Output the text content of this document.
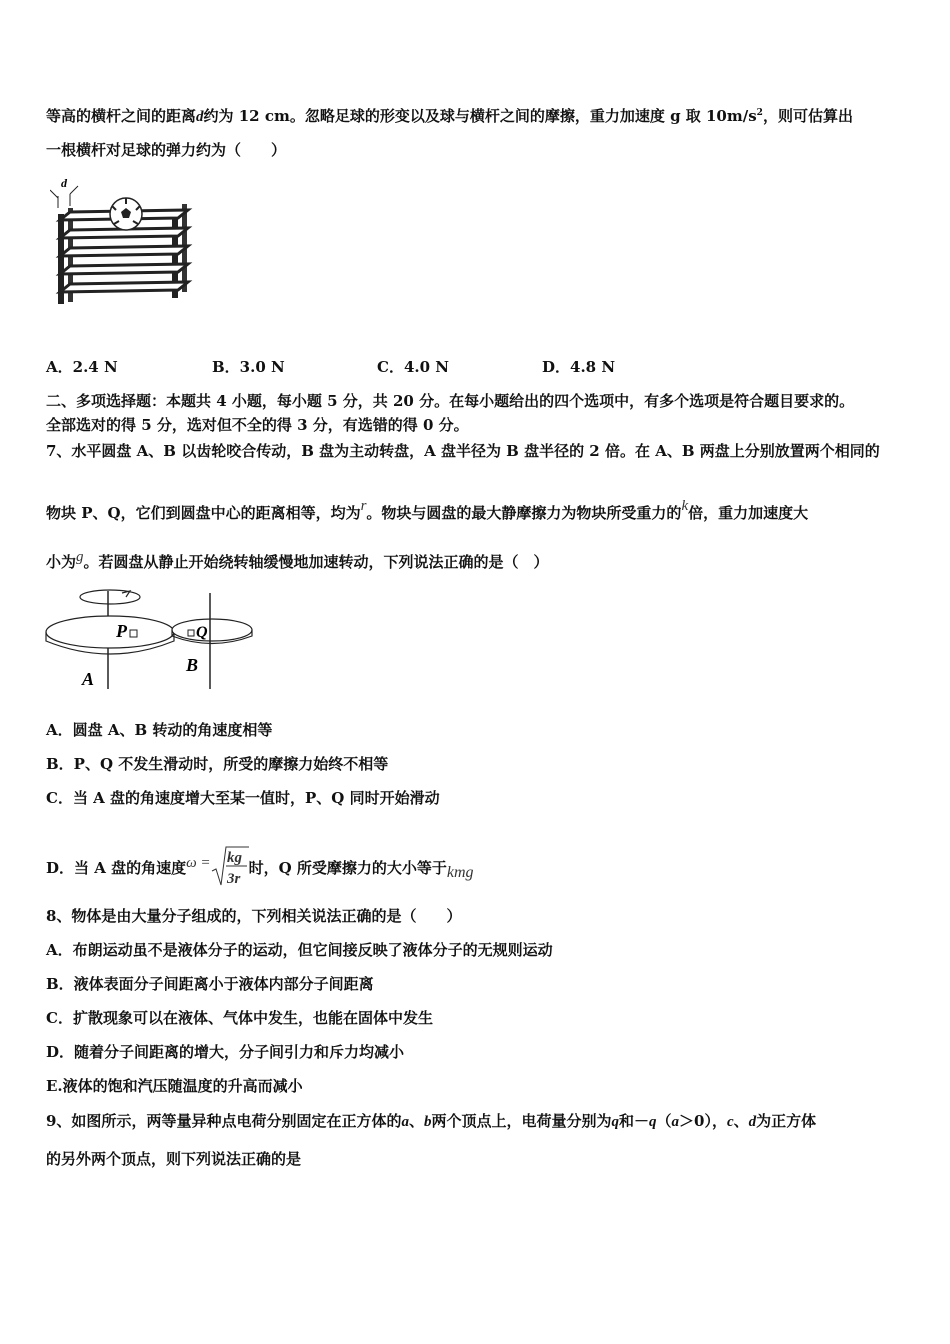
等高的横杆之间的距离d约为 12 cm。忽略足球的形变以及球与横杆之间的摩擦，重力加速度 g 取 $10m/s^2$，则可估算出
一根横杆对足球的弹力约为（　　）
d
A．2.4 N	B．3.0 N	C．4.0 N	D．4.8 N
二、多项选择题：本题共 4 小题，每小题 5 分，共 20 分。在每小题给出的四个选项中，有多个选项是符合题目要求的。
全部选对的得 5 分，选对但不全的得 3 分，有选错的得 0 分。
7、水平圆盘 A、B 以齿轮咬合传动，B 盘为主动转盘，A 盘半径为 B 盘半径的 2 倍。在 A、B 两盘上分别放置两个相同的
物块 P、Q，它们到圆盘中心的距离相等，均为r。物块与圆盘的最大静摩擦力为物块所受重力的k倍，重力加速度大
小为g。若圆盘从静止开始绕转轴缓慢地加速转动，下列说法正确的是（　）
P	Q
A
B
A．圆盘 A、B 转动的角速度相等
B．P、Q 不发生滑动时，所受的摩擦力始终不相等
C．当 A 盘的角速度增大至某一值时，P、Q 同时开始滑动
D．当 A 盘的角速度ω = kg
3r
时，Q 所受摩擦力的大小等于kmg
8、物体是由大量分子组成的，下列相关说法正确的是（　　）
A．布朗运动虽不是液体分子的运动，但它间接反映了液体分子的无规则运动
B．液体表面分子间距离小于液体内部分子间距离
C．扩散现象可以在液体、气体中发生，也能在固体中发生
D．随着分子间距离的增大，分子间引力和斥力均减小
E.液体的饱和汽压随温度的升高而减小
9、如图所示，两等量异种点电荷分别固定在正方体的a、b两个顶点上，电荷量分别为q和－q（a＞0），c、d为正方体
的另外两个顶点，则下列说法正确的是
